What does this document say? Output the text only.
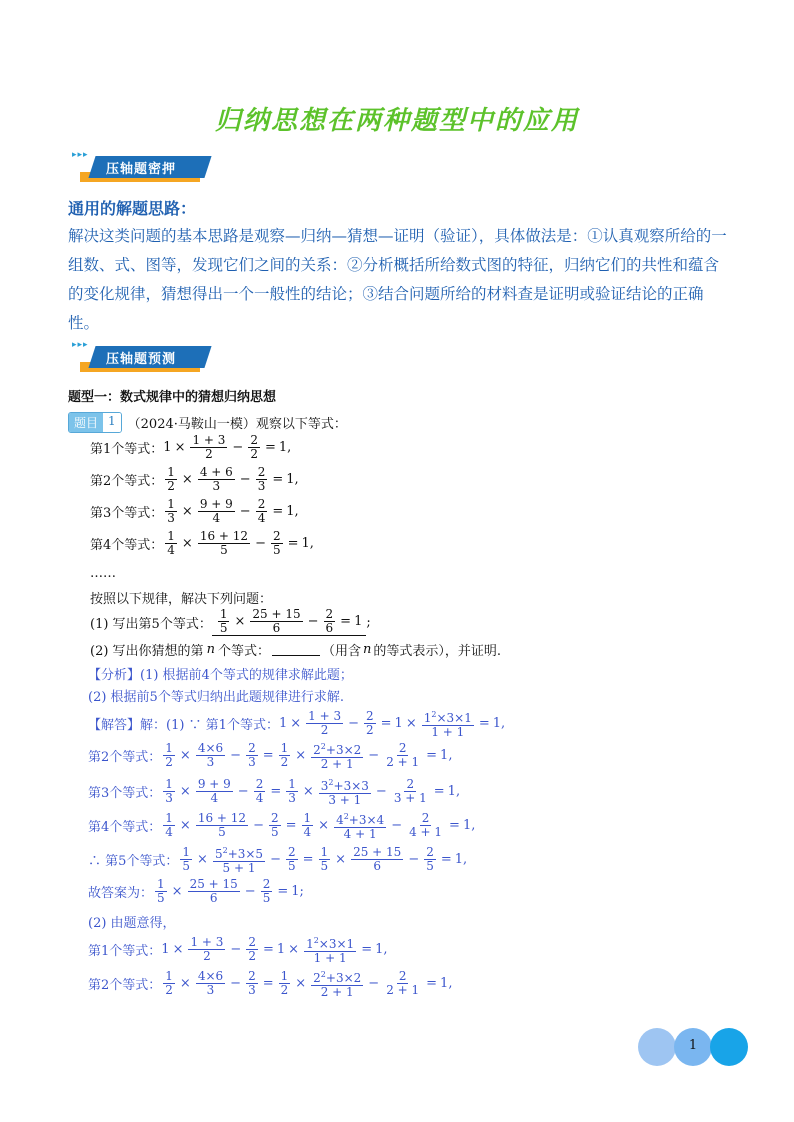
归纳思想在两种题型中的应用
▸▸▸
压轴题密押
通用的解题思路：
解决这类问题的基本思路是观察—归纳—猜想—证明（验证），具体做法是：①认真观察所给的一组数、式、图等，发现它们之间的关系：②分析概括所给数式图的特征，归纳它们的共性和蕴含的变化规律，猜想得出一个一般性的结论；③结合问题所给的材料查是证明或验证结论的正确性。
▸▸▸
压轴题预测
题型一：数式规律中的猜想归纳思想
题目 1 （2024·马鞍山一模）观察以下等式：
第1个等式： $1 \times \frac{1 + 3}{2} - \frac{2}{2} = 1$,
第2个等式： $\frac{1}{2} \times \frac{4 + 6}{3} - \frac{2}{3} = 1$,
第3个等式： $\frac{1}{3} \times \frac{9 + 9}{4} - \frac{2}{4} = 1$,
第4个等式： $\frac{1}{4} \times \frac{16 + 12}{5} - \frac{2}{5} = 1$,
……
按照以下规律，解决下列问题：
(1) 写出第5个等式： $\frac{1}{5} \times \frac{25 + 15}{6} - \frac{2}{6} = 1$ ;
(2) 写出你猜想的第 n 个等式：	（用含 n 的等式表示），并证明.
【分析】(1) 根据前4个等式的规律求解此题；
(2) 根据前5个等式归纳出此题规律进行求解.
【解答】解：(1) ∵ 第1个等式： $1 \times \frac{1 + 3}{2} - \frac{2}{2} = 1 \times \frac{1^2\times 3\times 1}{1 + 1} = 1$,
第2个等式： $\frac{1}{2} \times \frac{4\times 6}{3} - \frac{2}{3} = \frac{1}{2} \times \frac{2^2+3\times 2}{2 + 1} - \frac{2}{2 + 1} = 1$,
第3个等式： $\frac{1}{3} \times \frac{9 + 9}{4} - \frac{2}{4} = \frac{1}{3} \times \frac{3^2+3\times 3}{3 + 1} - \frac{2}{3 + 1} = 1$,
第4个等式： $\frac{1}{4} \times \frac{16 + 12}{5} - \frac{2}{5} = \frac{1}{4} \times \frac{4^2+3\times 4}{4 + 1} - \frac{2}{4 + 1} = 1$,
∴ 第5个等式： $\frac{1}{5} \times \frac{5^2+3\times 5}{5 + 1} - \frac{2}{5} = \frac{1}{5} \times \frac{25 + 15}{6} - \frac{2}{5} = 1$,
故答案为： $\frac{1}{5} \times \frac{25 + 15}{6} - \frac{2}{5} = 1$;
(2) 由题意得，
第1个等式： $1 \times \frac{1 + 3}{2} - \frac{2}{2} = 1 \times \frac{1^2\times 3\times 1}{1 + 1} = 1$,
第2个等式： $\frac{1}{2} \times \frac{4\times 6}{3} - \frac{2}{3} = \frac{1}{2} \times \frac{2^2+3\times 2}{2 + 1} - \frac{2}{2 + 1} = 1$,
1
